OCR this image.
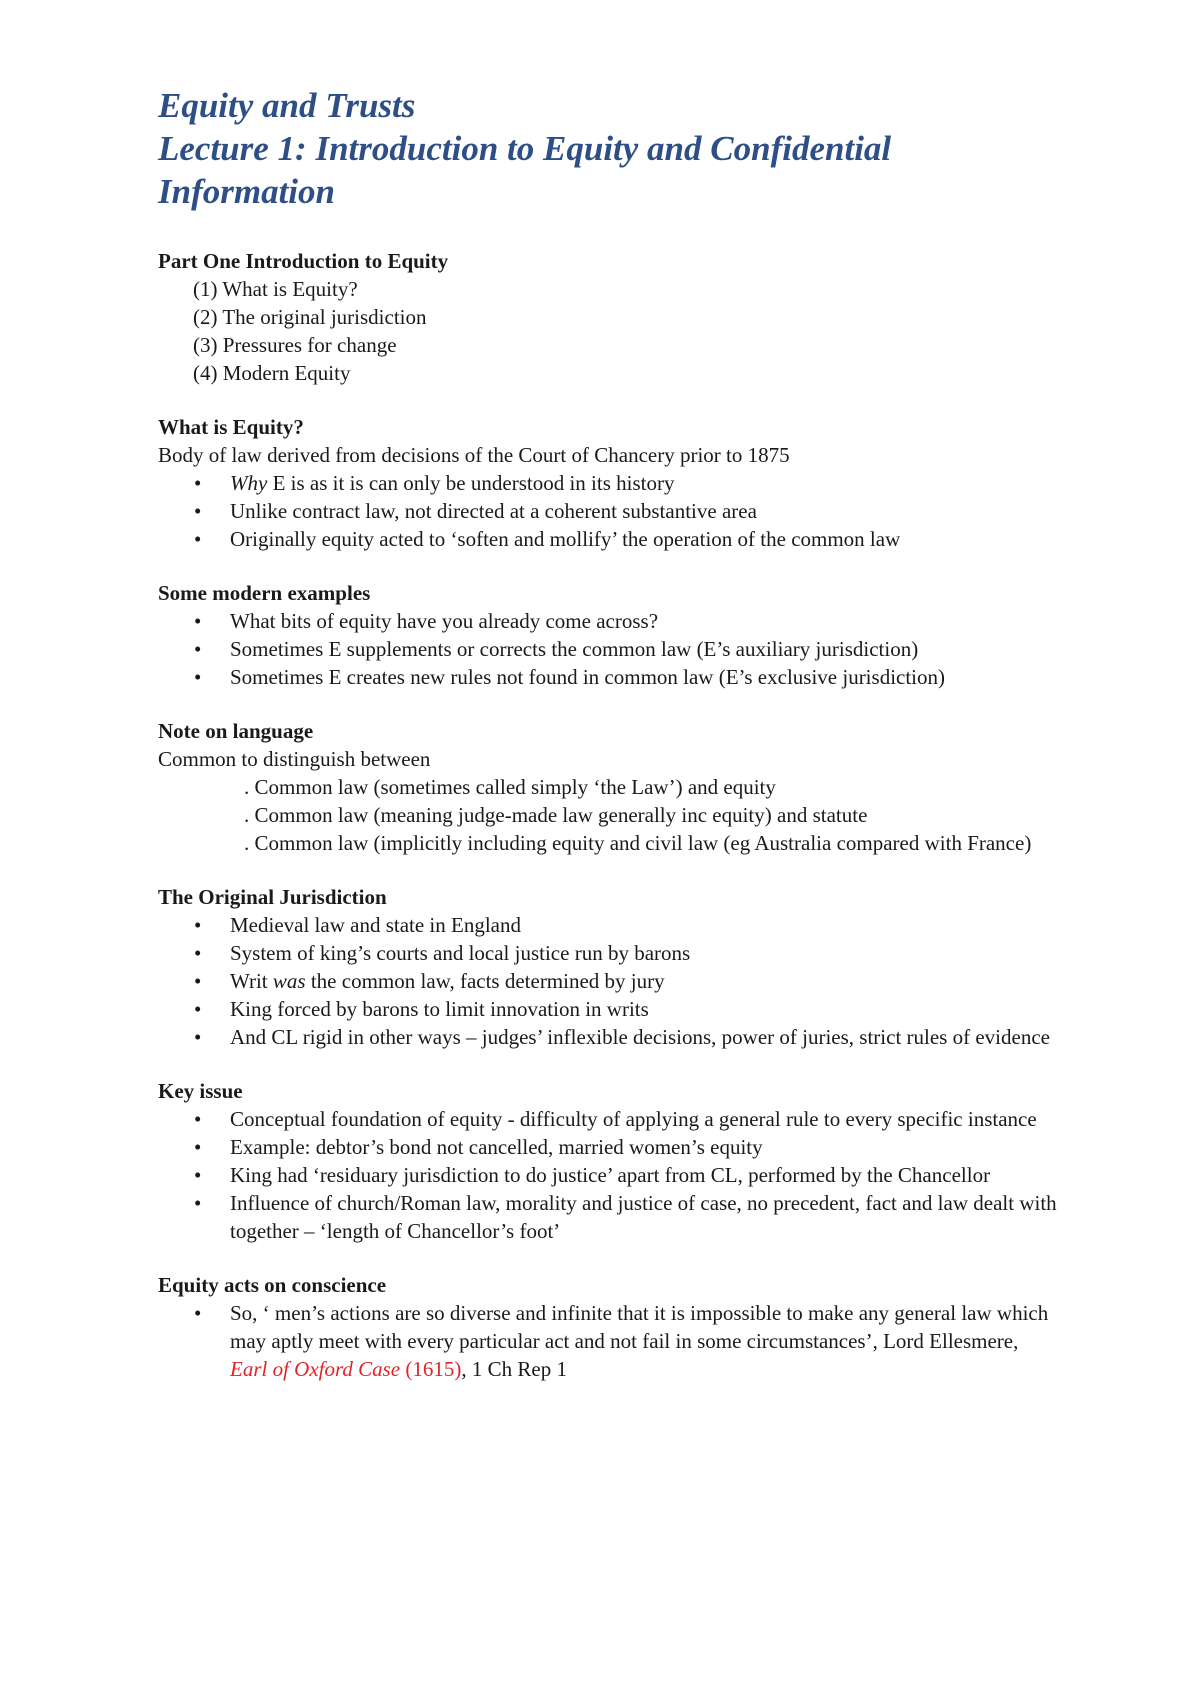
Equity and Trusts

Lecture 1: Introduction to Equity and Confidential

Information

Part One Introduction to Equity

(1) What is Equity?
(2) The original jurisdiction
(3) Pressures for change
(4) Modern Equity

What is Equity?

Body of law derived from decisions of the Court of Chancery prior to 1875

• Why E is as it is can only be understood in its history
• Unlike contract law, not directed at a coherent substantive area
• Originally equity acted to ‘soften and mollify’ the operation of the common law

Some modern examples

• What bits of equity have you already come across?
• Sometimes E supplements or corrects the common law (E’s auxiliary jurisdiction)
• Sometimes E creates new rules not found in common law (E’s exclusive jurisdiction)

Note on language

Common to distinguish between

. Common law (sometimes called simply ‘the Law’) and equity
. Common law (meaning judge-made law generally inc equity) and statute
. Common law (implicitly including equity and civil law (eg Australia compared with France)

The Original Jurisdiction

• Medieval law and state in England
• System of king’s courts and local justice run by barons
• Writ was the common law, facts determined by jury
• King forced by barons to limit innovation in writs
• And CL rigid in other ways – judges’ inflexible decisions, power of juries, strict rules of evidence

Key issue

• Conceptual foundation of equity - difficulty of applying a general rule to every specific instance
• Example: debtor’s bond not cancelled, married women’s equity
• King had ‘residuary jurisdiction to do justice’ apart from CL, performed by the Chancellor
• Influence of church/Roman law, morality and justice of case, no precedent, fact and law dealt with together – ‘length of Chancellor’s foot’

Equity acts on conscience

• So, ‘ men’s actions are so diverse and infinite that it is impossible to make any general law which may aptly meet with every particular act and not fail in some circumstances’, Lord Ellesmere, Earl of Oxford Case (1615), 1 Ch Rep 1
